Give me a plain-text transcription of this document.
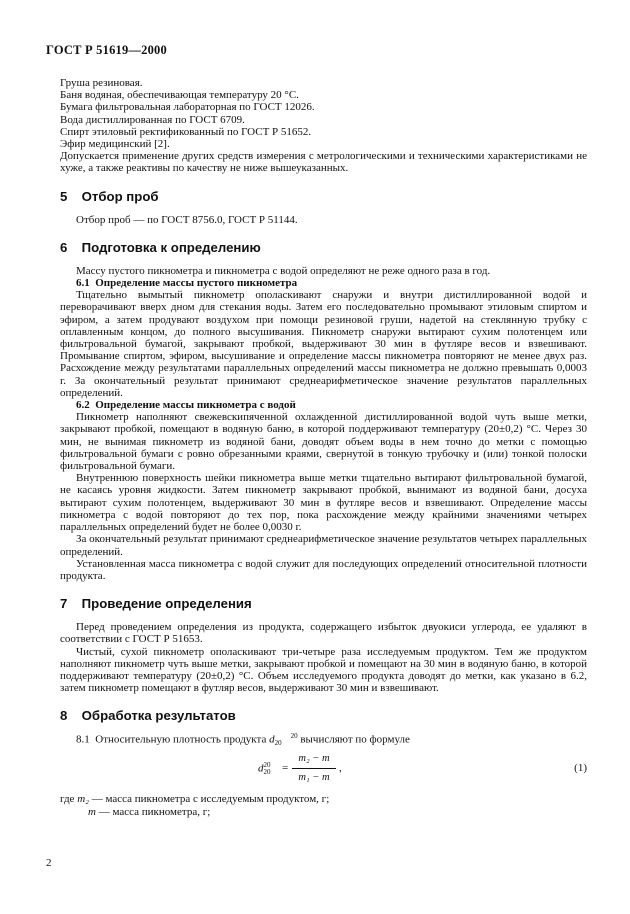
ГОСТ Р 51619—2000

Груша резиновая.

Баня водяная, обеспечивающая температуру 20 °С.

Бумага фильтровальная лабораторная по ГОСТ 12026.

Вода дистиллированная по ГОСТ 6709.

Спирт этиловый ректификованный по ГОСТ Р 51652.

Эфир медицинский [2].

Допускается применение других средств измерения с метрологическими и техническими характеристиками не хуже, а также реактивы по качеству не ниже вышеуказанных.

5 Отбор проб

Отбор проб — по ГОСТ 8756.0, ГОСТ Р 51144.

6 Подготовка к определению

Массу пустого пикнометра и пикнометра с водой определяют не реже одного раза в год.

6.1 Определение массы пустого пикнометра

Тщательно вымытый пикнометр ополаскивают снаружи и внутри дистиллированной водой и переворачивают вверх дном для стекания воды. Затем его последовательно промывают этиловым спиртом и эфиром, а затем продувают воздухом при помощи резиновой груши, надетой на стеклянную трубку с оплавленным концом, до полного высушивания. Пикнометр снаружи вытирают сухим полотенцем или фильтровальной бумагой, закрывают пробкой, выдерживают 30 мин в футляре весов и взвешивают. Промывание спиртом, эфиром, высушивание и определение массы пикнометра повторяют не менее двух раз. Расхождение между результатами параллельных определений массы пикнометра не должно превышать 0,0003 г. За окончательный результат принимают среднеарифметическое значение результатов параллельных определений.

6.2 Определение массы пикнометра с водой

Пикнометр наполняют свежевскипяченной охлажденной дистиллированной водой чуть выше метки, закрывают пробкой, помещают в водяную баню, в которой поддерживают температуру (20±0,2) °С. Через 30 мин, не вынимая пикнометр из водяной бани, доводят объем воды в нем точно до метки с помощью фильтровальной бумаги с ровно обрезанными краями, свернутой в тонкую трубочку и (или) тонкой полоски фильтровальной бумаги.

Внутреннюю поверхность шейки пикнометра выше метки тщательно вытирают фильтровальной бумагой, не касаясь уровня жидкости. Затем пикнометр закрывают пробкой, вынимают из водяной бани, досуха вытирают сухим полотенцем, выдерживают 30 мин в футляре весов и взвешивают. Определение массы пикнометра с водой повторяют до тех пор, пока расхождение между крайними значениями четырех параллельных определений будет не более 0,0030 г.

За окончательный результат принимают среднеарифметическое значение результатов четырех параллельных определений.

Установленная масса пикнометра с водой служит для последующих определений относительной плотности продукта.

7 Проведение определения

Перед проведением определения из продукта, содержащего избыток двуокиси углерода, ее удаляют в соответствии с ГОСТ Р 51653.

Чистый, сухой пикнометр ополаскивают три-четыре раза исследуемым продуктом. Тем же продуктом наполняют пикнометр чуть выше метки, закрывают пробкой и помещают на 30 мин в водяную баню, в которой поддерживают температуру (20±0,2) °С. Объем исследуемого продукта доводят до метки, как указано в 6.2, затем пикнометр помещают в футляр весов, выдерживают 30 мин и взвешивают.

8 Обработка результатов

8.1 Относительную плотность продукта d 20
20 вычисляют по формуле

d20
20 =
m₂ − m
m₁ − m
,	(1)

где m₂ — масса пикнометра с исследуемым продуктом, г;

m — масса пикнометра, г;

2
